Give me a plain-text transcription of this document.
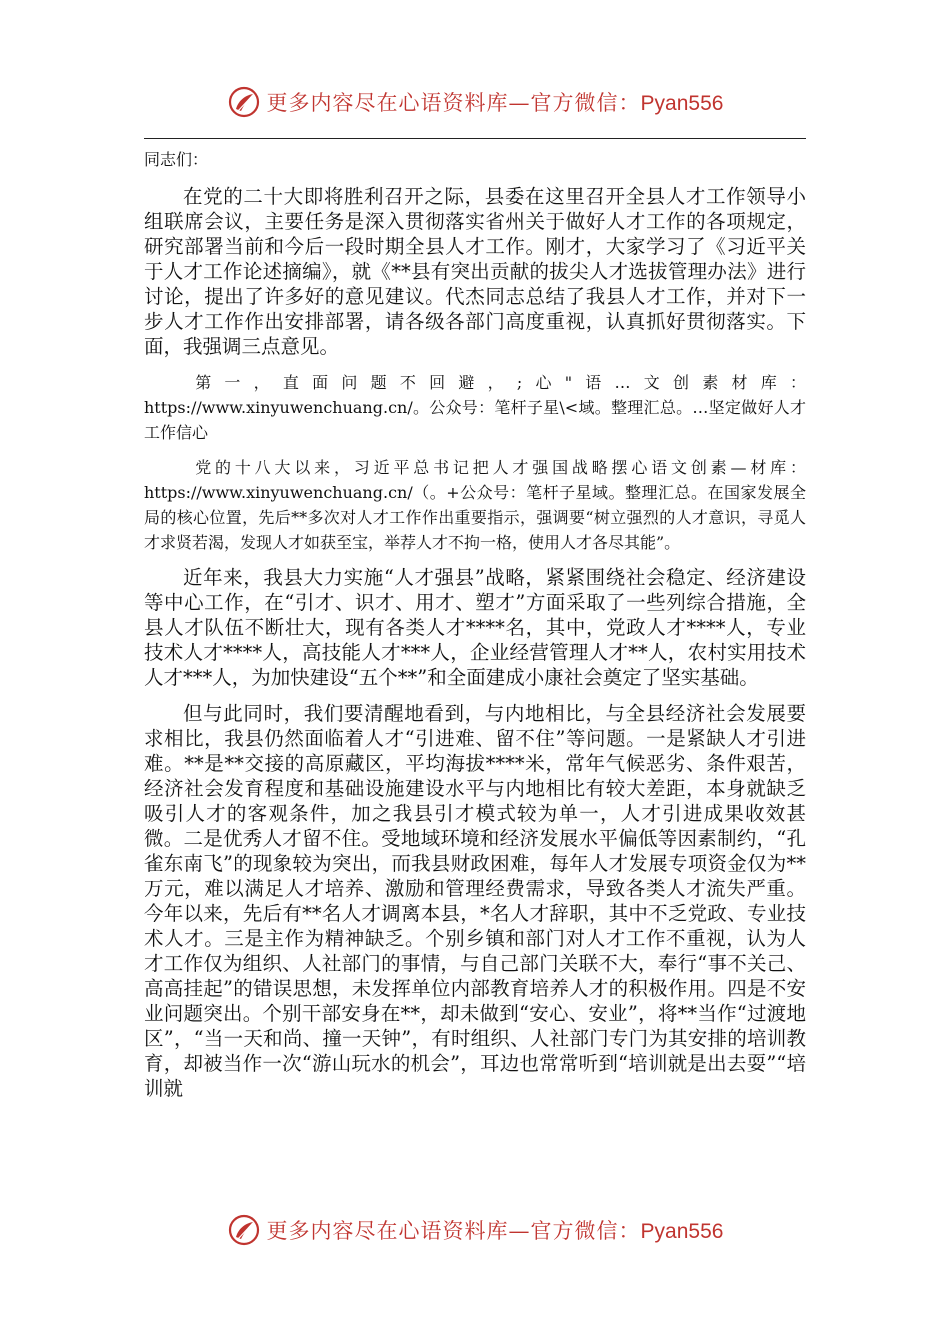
更多内容尽在心语资料库—官方微信：Pyan556
同志们：

在党的二十大即将胜利召开之际，县委在这里召开全县人才工作领导小组联席会议，主要任务是深入贯彻落实省州关于做好人才工作的各项规定，研究部署当前和今后一段时期全县人才工作。刚才，大家学习了《习近平关于人才工作论述摘编》，就《**县有突出贡献的拔尖人才选拔管理办法》进行讨论，提出了许多好的意见建议。代杰同志总结了我县人才工作，并对下一步人才工作作出安排部署，请各级各部门高度重视，认真抓好贯彻落实。下面，我强调三点意见。

第一，直面问题不回避，;心"语…文创素材库：https://www.xinyuwenchuang.cn/。公众号：笔杆子星\<域。整理汇总。…坚定做好人才工作信心

党的十八大以来，习近平总书记把人才强国战略摆心语文创素—材库：https://www.xinyuwenchuang.cn/（。+公众号：笔杆子星域。整理汇总。在国家发展全局的核心位置，先后**多次对人才工作作出重要指示，强调要“树立强烈的人才意识，寻觅人才求贤若渴，发现人才如获至宝，举荐人才不拘一格，使用人才各尽其能”。

近年来，我县大力实施“人才强县”战略，紧紧围绕社会稳定、经济建设等中心工作，在“引才、识才、用才、塑才”方面采取了一些列综合措施，全县人才队伍不断壮大，现有各类人才****名，其中，党政人才****人，专业技术人才****人，高技能人才***人，企业经营管理人才**人，农村实用技术人才***人，为加快建设“五个**”和全面建成小康社会奠定了坚实基础。

但与此同时，我们要清醒地看到，与内地相比，与全县经济社会发展要求相比，我县仍然面临着人才“引进难、留不住”等问题。一是紧缺人才引进难。**是**交接的高原藏区，平均海拔****米，常年气候恶劣、条件艰苦，经济社会发育程度和基础设施建设水平与内地相比有较大差距，本身就缺乏吸引人才的客观条件，加之我县引才模式较为单一，人才引进成果收效甚微。二是优秀人才留不住。受地域环境和经济发展水平偏低等因素制约，“孔雀东南飞”的现象较为突出，而我县财政困难，每年人才发展专项资金仅为**万元，难以满足人才培养、激励和管理经费需求，导致各类人才流失严重。今年以来，先后有**名人才调离本县，*名人才辞职，其中不乏党政、专业技术人才。三是主作为精神缺乏。个别乡镇和部门对人才工作不重视，认为人才工作仅为组织、人社部门的事情，与自己部门关联不大，奉行“事不关己、高高挂起”的错误思想，未发挥单位内部教育培养人才的积极作用。四是不安业问题突出。个别干部安身在**，却未做到“安心、安业”，将**当作“过渡地区”，“当一天和尚、撞一天钟”，有时组织、人社部门专门为其安排的培训教育，却被当作一次“游山玩水的机会”，耳边也常常听到“培训就是出去耍”“培训就

更多内容尽在心语资料库—官方微信：Pyan556
